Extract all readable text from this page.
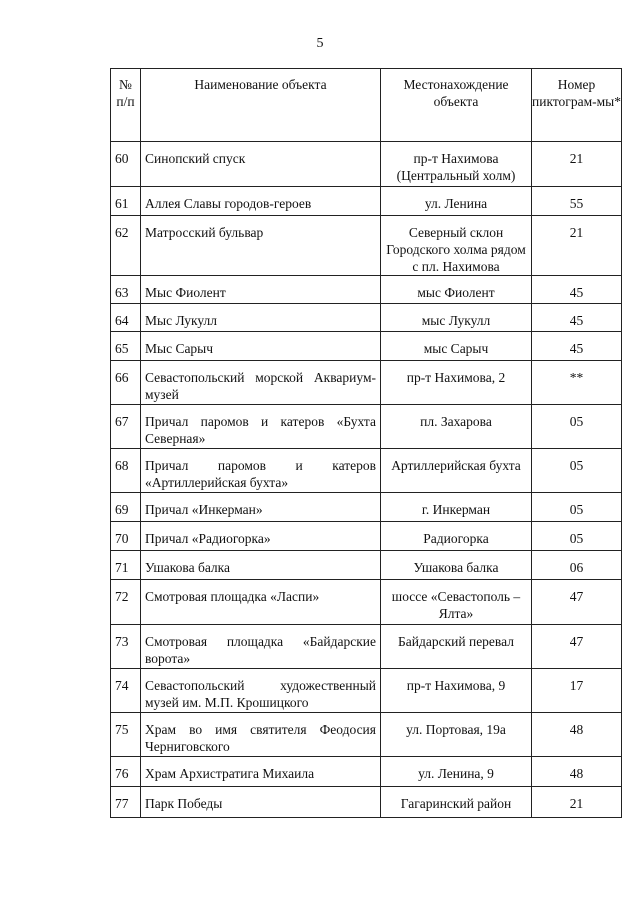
5
№
п/п	Наименование объекта	Местонахождение объекта	Номер пиктограм-мы*
60	Синопский спуск	пр-т Нахимова (Центральный холм)	21
61	Аллея Славы городов-героев	ул. Ленина	55
62	Матросский бульвар	Северный склон Городского холма рядом с пл. Нахимова	21
63	Мыс Фиолент	мыс Фиолент	45
64	Мыс Лукулл	мыс Лукулл	45
65	Мыс Сарыч	мыс Сарыч	45
66	Севастопольский морской Аквариум-музей	пр-т Нахимова, 2	**
67	Причал паромов и катеров «Бухта Северная»	пл. Захарова	05
68	Причал паромов и катеров «Артиллерийская бухта»	Артиллерийская бухта	05
69	Причал «Инкерман»	г. Инкерман	05
70	Причал «Радиогорка»	Радиогорка	05
71	Ушакова балка	Ушакова балка	06
72	Смотровая площадка «Ласпи»	шоссе «Севастополь – Ялта»	47
73	Смотровая площадка «Байдарские ворота»	Байдарский перевал	47
74	Севастопольский художественный музей им. М.П. Крошицкого	пр-т Нахимова, 9	17
75	Храм во имя святителя Феодосия Черниговского	ул. Портовая, 19а	48
76	Храм Архистратига Михаила	ул. Ленина, 9	48
77	Парк Победы	Гагаринский район	21
